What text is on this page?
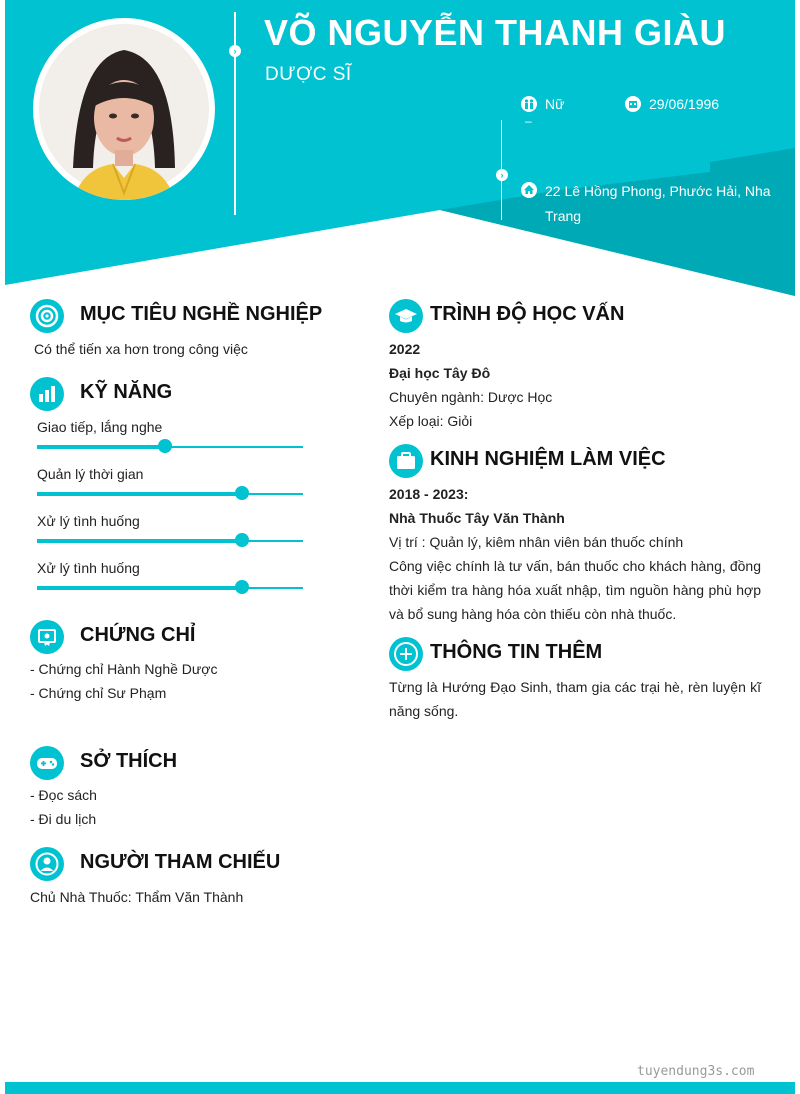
› VÕ NGUYỄN THANH GIÀU
DƯỢC SĨ
›
Nữ
–
29/06/1996
22 Lê Hồng Phong, Phước Hải, Nha
Trang
MỤC TIÊU NGHỀ NGHIỆP
Có thể tiến xa hơn trong công việc
KỸ NĂNG
Giao tiếp, lắng nghe
Quản lý thời gian
Xử lý tình huống
Xử lý tình huống
CHỨNG CHỈ
- Chứng chỉ Hành Nghề Dược
- Chứng chỉ Sư Phạm
SỞ THÍCH
- Đọc sách
- Đi du lịch
NGƯỜI THAM CHIẾU
Chủ Nhà Thuốc: Thẩm Văn Thành
TRÌNH ĐỘ HỌC VẤN
2022
Đại học Tây Đô
Chuyên ngành: Dược Học
Xếp loại: Giỏi
KINH NGHIỆM LÀM VIỆC
2018 - 2023:
Nhà Thuốc Tây Văn Thành
Vị trí : Quản lý, kiêm nhân viên bán thuốc chính
Công việc chính là tư vấn, bán thuốc cho khách hàng, đồng thời kiểm tra hàng hóa xuất nhập, tìm nguồn hàng phù hợp và bổ sung hàng hóa còn thiếu còn nhà thuốc.
THÔNG TIN THÊM
Từng là Hướng Đạo Sinh, tham gia các trại hè, rèn luyện kĩ năng sống.
tuyendung3s.com
